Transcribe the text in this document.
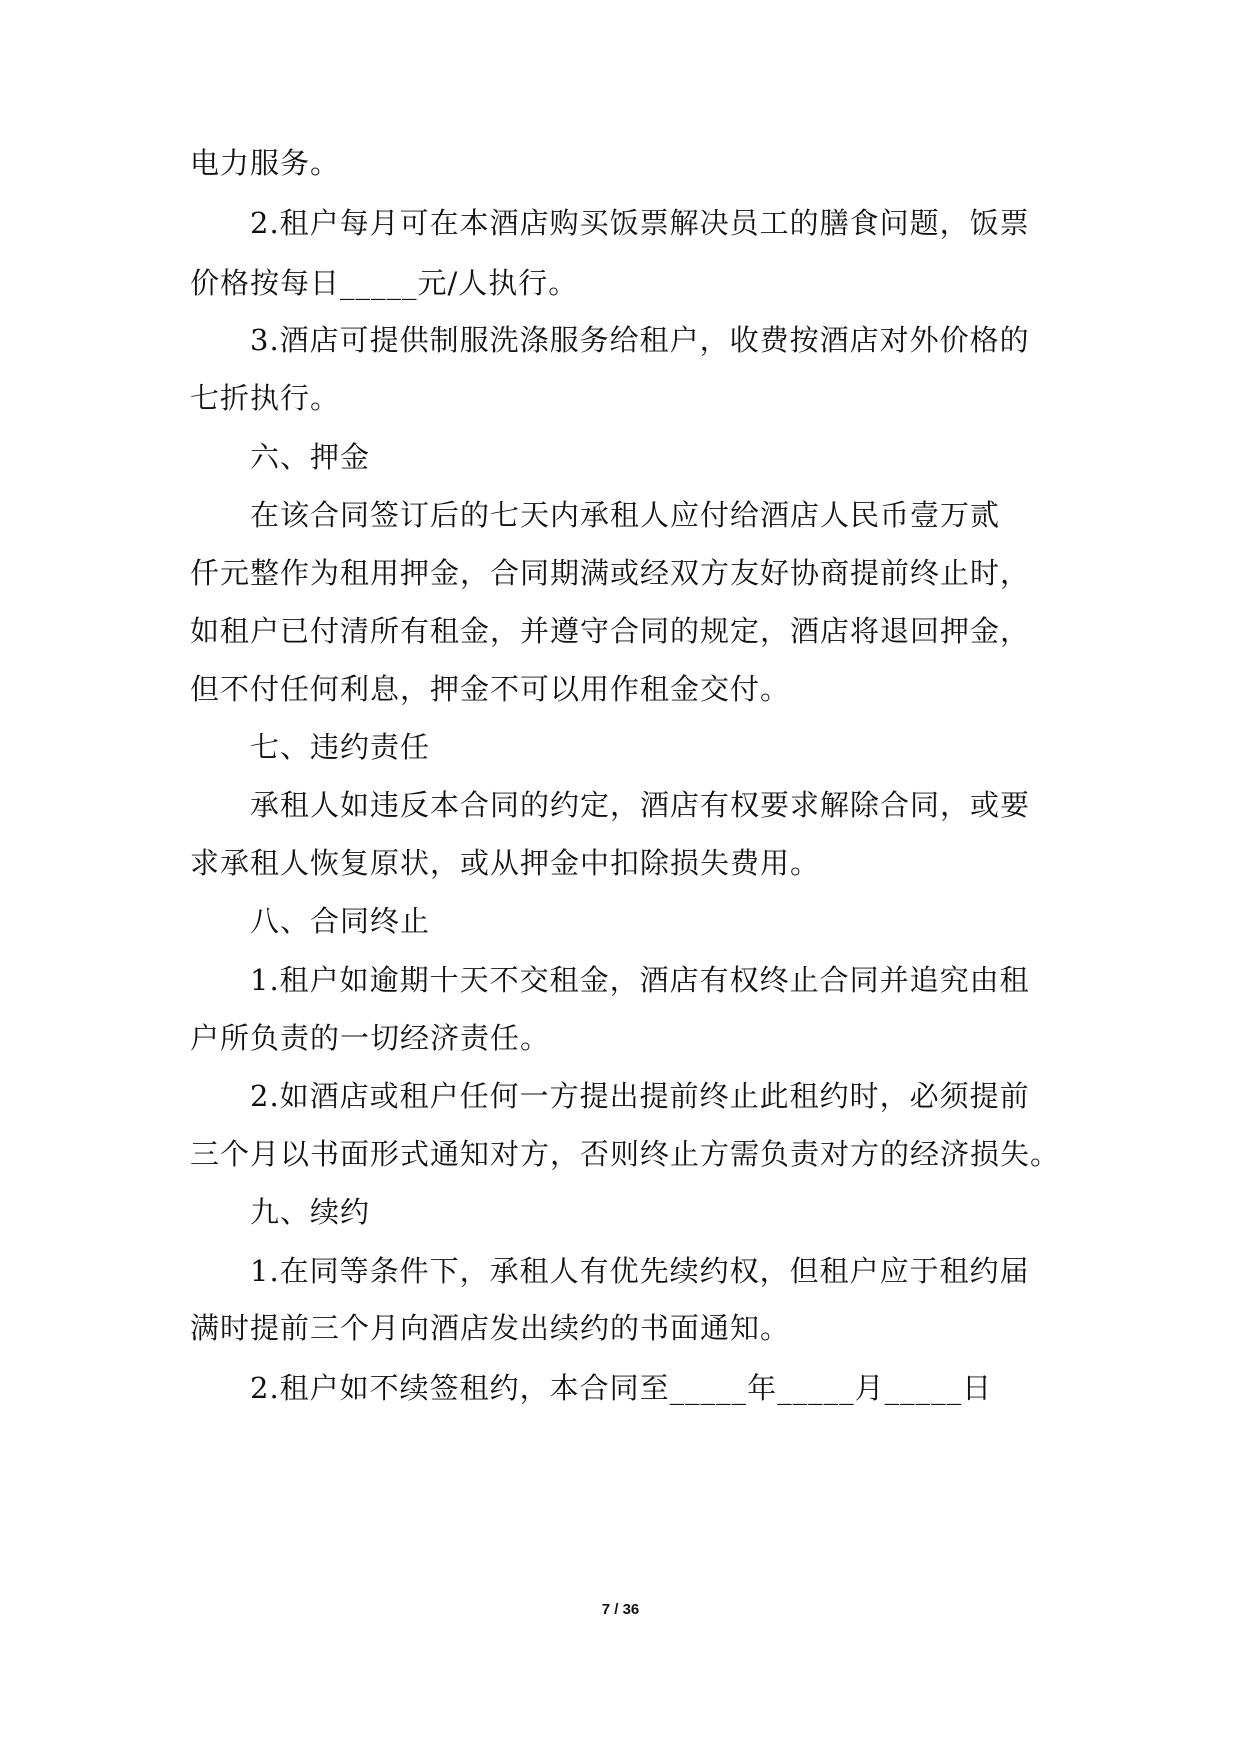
电力服务。

2.租户每月可在本酒店购买饭票解决员工的膳食问题，饭票

价格按每日_____元/人执行。

3.酒店可提供制服洗涤服务给租户，收费按酒店对外价格的

七折执行。

六、押金

在该合同签订后的七天内承租人应付给酒店人民币壹万贰

仟元整作为租用押金，合同期满或经双方友好协商提前终止时，

如租户已付清所有租金，并遵守合同的规定，酒店将退回押金，

但不付任何利息，押金不可以用作租金交付。

七、违约责任

承租人如违反本合同的约定，酒店有权要求解除合同，或要

求承租人恢复原状，或从押金中扣除损失费用。

八、合同终止

1.租户如逾期十天不交租金，酒店有权终止合同并追究由租

户所负责的一切经济责任。

2.如酒店或租户任何一方提出提前终止此租约时，必须提前

三个月以书面形式通知对方，否则终止方需负责对方的经济损失。

九、续约

1.在同等条件下，承租人有优先续约权，但租户应于租约届

满时提前三个月向酒店发出续约的书面通知。

2.租户如不续签租约，本合同至_____年_____月_____日

7 / 36
